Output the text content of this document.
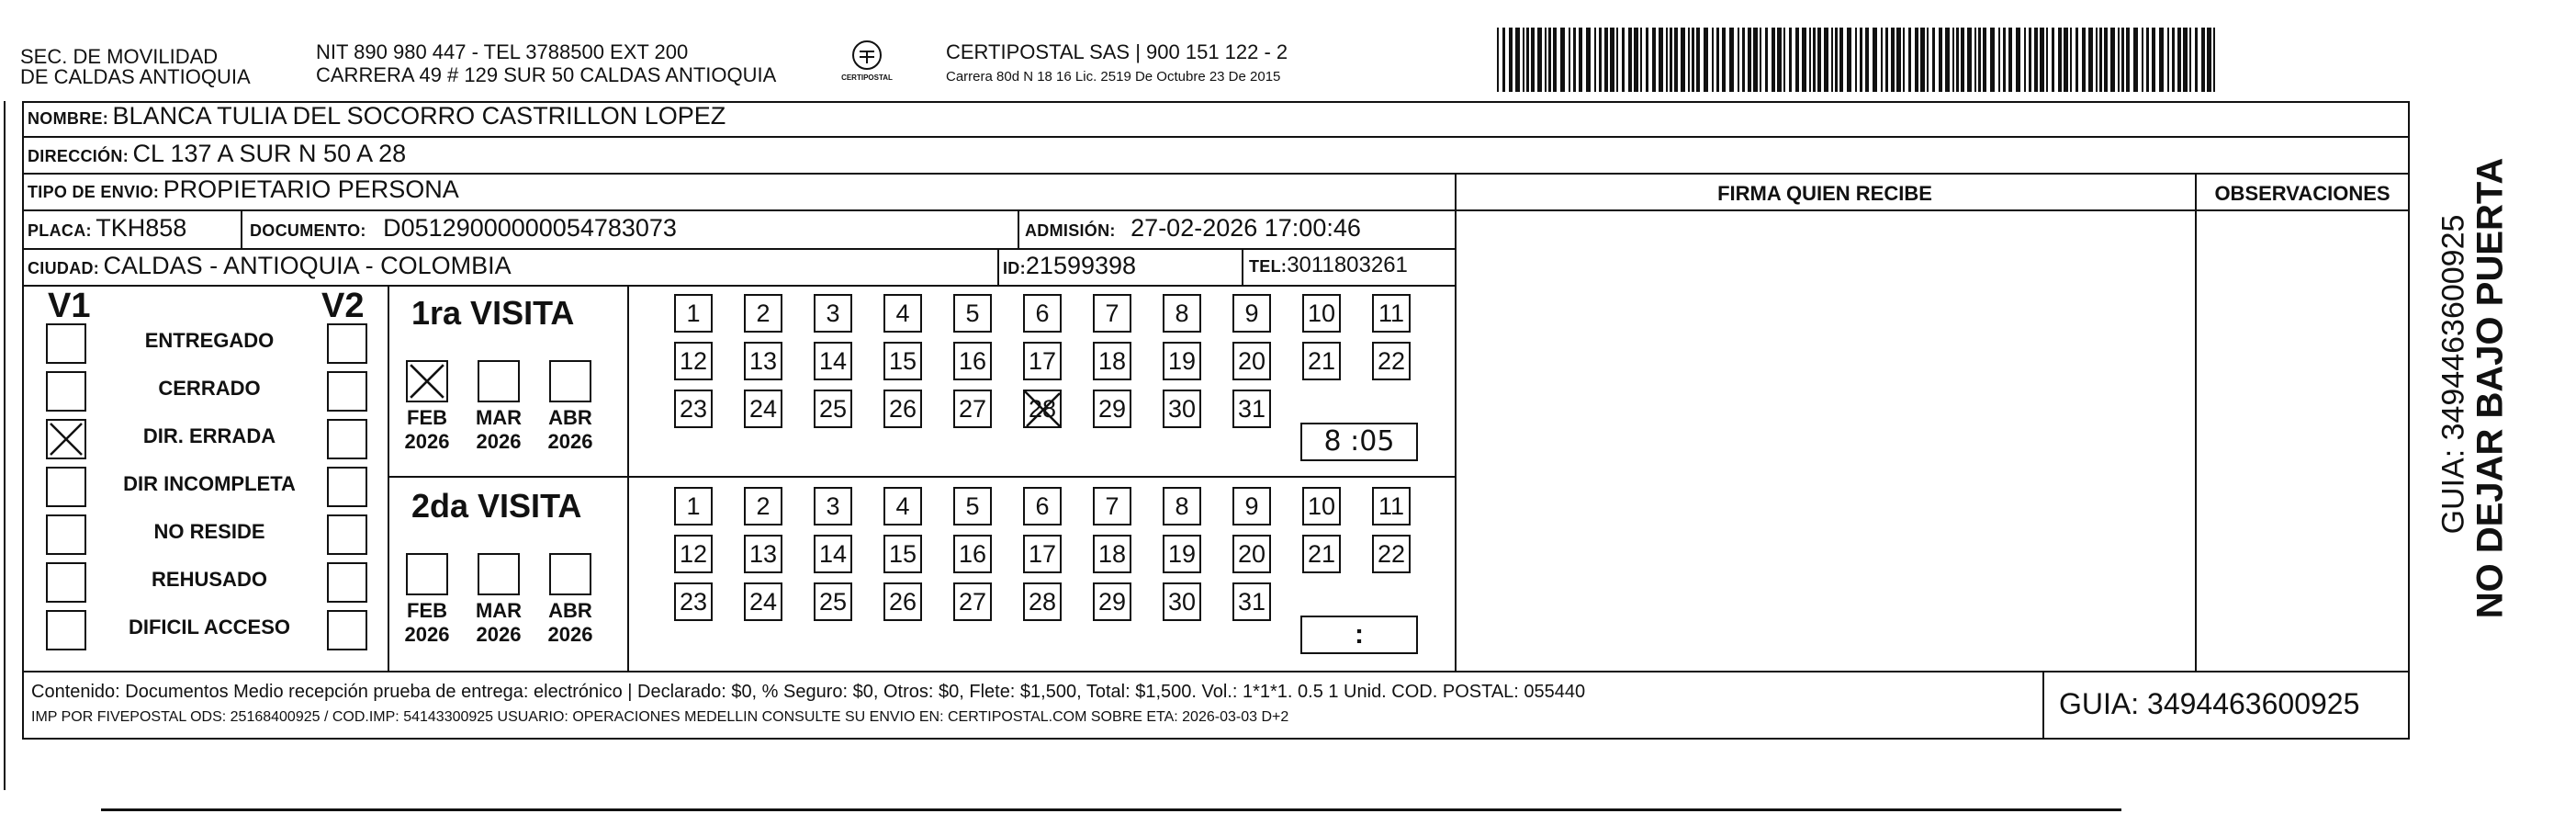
SEC. DE MOVILIDAD
DE CALDAS ANTIOQUIA
NIT 890 980 447 - TEL 3788500 EXT 200
CARRERA 49 # 129 SUR 50 CALDAS ANTIOQUIA	CERTIPOSTAL
CERTIPOSTAL SAS | 900 151 122 - 2
Carrera 80d N 18 16 Lic. 2519 De Octubre 23 De 2015
NOMBRE: BLANCA TULIA DEL SOCORRO CASTRILLON LOPEZ
DIRECCIÓN: CL 137 A SUR N 50 A 28
TIPO DE ENVIO: PROPIETARIO PERSONA	FIRMA QUIEN RECIBE	OBSERVACIONES
PLACA: TKH858	DOCUMENTO: D05129000000054783073	ADMISIÓN: 27-02-2026 17:00:46
CIUDAD: CALDAS - ANTIOQUIA - COLOMBIA	ID:21599398	TEL:3011803261
V1	V2
ENTREGADO
CERRADO
DIR. ERRADA
DIR INCOMPLETA
NO RESIDE
REHUSADO
DIFICIL ACCESO
1ra VISITA
2da VISITA
FEB
2026
MAR
2026
ABR
2026
FEB
2026
MAR
2026
ABR
2026
1	2	3	4	5	6	7	8	9	10 11
12 13 14 15 16 17 18 19 20 21 22
23 24 25 26 27 28 29 30 31
1	2	3	4	5	6	7	8	9	10 11
12 13 14 15 16 17 18 19 20 21 22
23 24 25 26 27 28 29 30 31
8 :05
:
Contenido: Documentos Medio recepción prueba de entrega: electrónico | Declarado: $0, % Seguro: $0, Otros: $0, Flete: $1,500, Total: $1,500. Vol.: 1*1*1. 0.5 1 Unid. COD. POSTAL: 055440
IMP POR FIVEPOSTAL ODS: 25168400925 / COD.IMP: 54143300925 USUARIO: OPERACIONES MEDELLIN CONSULTE SU ENVIO EN: CERTIPOSTAL.COM SOBRE ETA: 2026-03-03 D+2	GUIA: 3494463600925
NO DEJAR BAJO PUERTA
GUIA: 3494463600925
